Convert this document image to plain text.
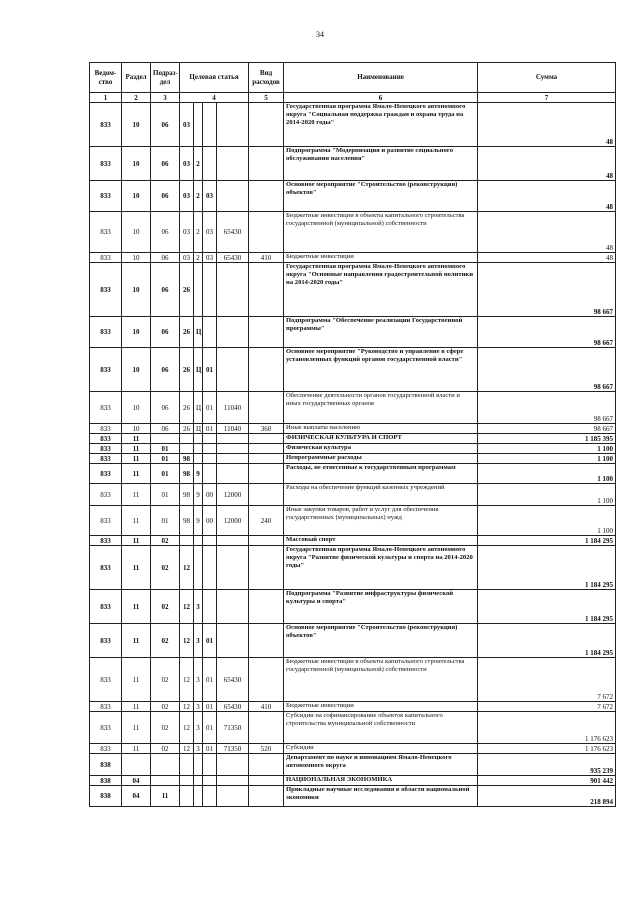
34
Ведом-ство	Раздел	Подраз-дел	Целевая статья				Вид расходов	Наименование	Сумма
1	2	3	4				5	6	7
833	10	06	03					Государственная программа Ямало-Ненецкого автономного округа "Социальная поддержка граждан и охрана труда на 2014-2020 годы"	48
833	10	06	03	2				Подпрограмма "Модернизация и развитие социального обслуживания населения"	48
833	10	06	03	2	03			Основное мероприятие "Строительство (реконструкция) объектов"	48
833	10	06	03	2	03	65430		Бюджетные инвестиции в объекты капитального строительства государственной (муниципальной) собственности	48
833	10	06	03	2	03	65430	410	Бюджетные инвестиции	48
833	10	06	26					Государственная программа Ямало-Ненецкого автономного округа "Основные направления градостроительной политики на 2014-2020 годы"	98 667
833	10	06	26	Ц				Подпрограмма "Обеспечение реализации Государственной программы"	98 667
833	10	06	26	Ц	01			Основное мероприятие "Руководство и управление в сфере установленных функций органов государственной власти"	98 667
833	10	06	26	Ц	01	11040		Обеспечение деятельности органов государственной власти и иных государственных органов	98 667
833	10	06	26	Ц	01	11040	360	Иные выплаты населению	98 667
833	11							ФИЗИЧЕСКАЯ КУЛЬТУРА И СПОРТ	1 185 395
833	11	01						Физическая культура	1 100
833	11	01	98					Непрограммные расходы	1 100
833	11	01	98	9				Расходы, не отнесенные к государственным программам	1 100
833	11	01	98	9	00	12000		Расходы на обеспечение функций казенных учреждений	1 100
833	11	01	98	9	00	12000	240	Иные закупки товаров, работ и услуг для обеспечения государственных (муниципальных) нужд	1 100
833	11	02						Массовый спорт	1 184 295
833	11	02	12					Государственная программа Ямало-Ненецкого автономного округа "Развитие физической культуры и спорта на 2014-2020 годы"	1 184 295
833	11	02	12	3				Подпрограмма "Развитие инфраструктуры физической культуры и спорта"	1 184 295
833	11	02	12	3	01			Основное мероприятие "Строительство (реконструкция) объектов"	1 184 295
833	11	02	12	3	01	65430		Бюджетные инвестиции в объекты капитального строительства государственной (муниципальной) собственности	7 672
833	11	02	12	3	01	65430	410	Бюджетные инвестиции	7 672
833	11	02	12	3	01	71350		Субсидии на софинансирование объектов капитального строительства муниципальной собственности	1 176 623
833	11	02	12	3	01	71350	520	Субсидии	1 176 623
838								Департамент по науке и инновациям Ямало-Ненецкого автономного округа	935 239
838	04							НАЦИОНАЛЬНАЯ ЭКОНОМИКА	901 442
838	04	11						Прикладные научные исследования в области национальной экономики	218 894
